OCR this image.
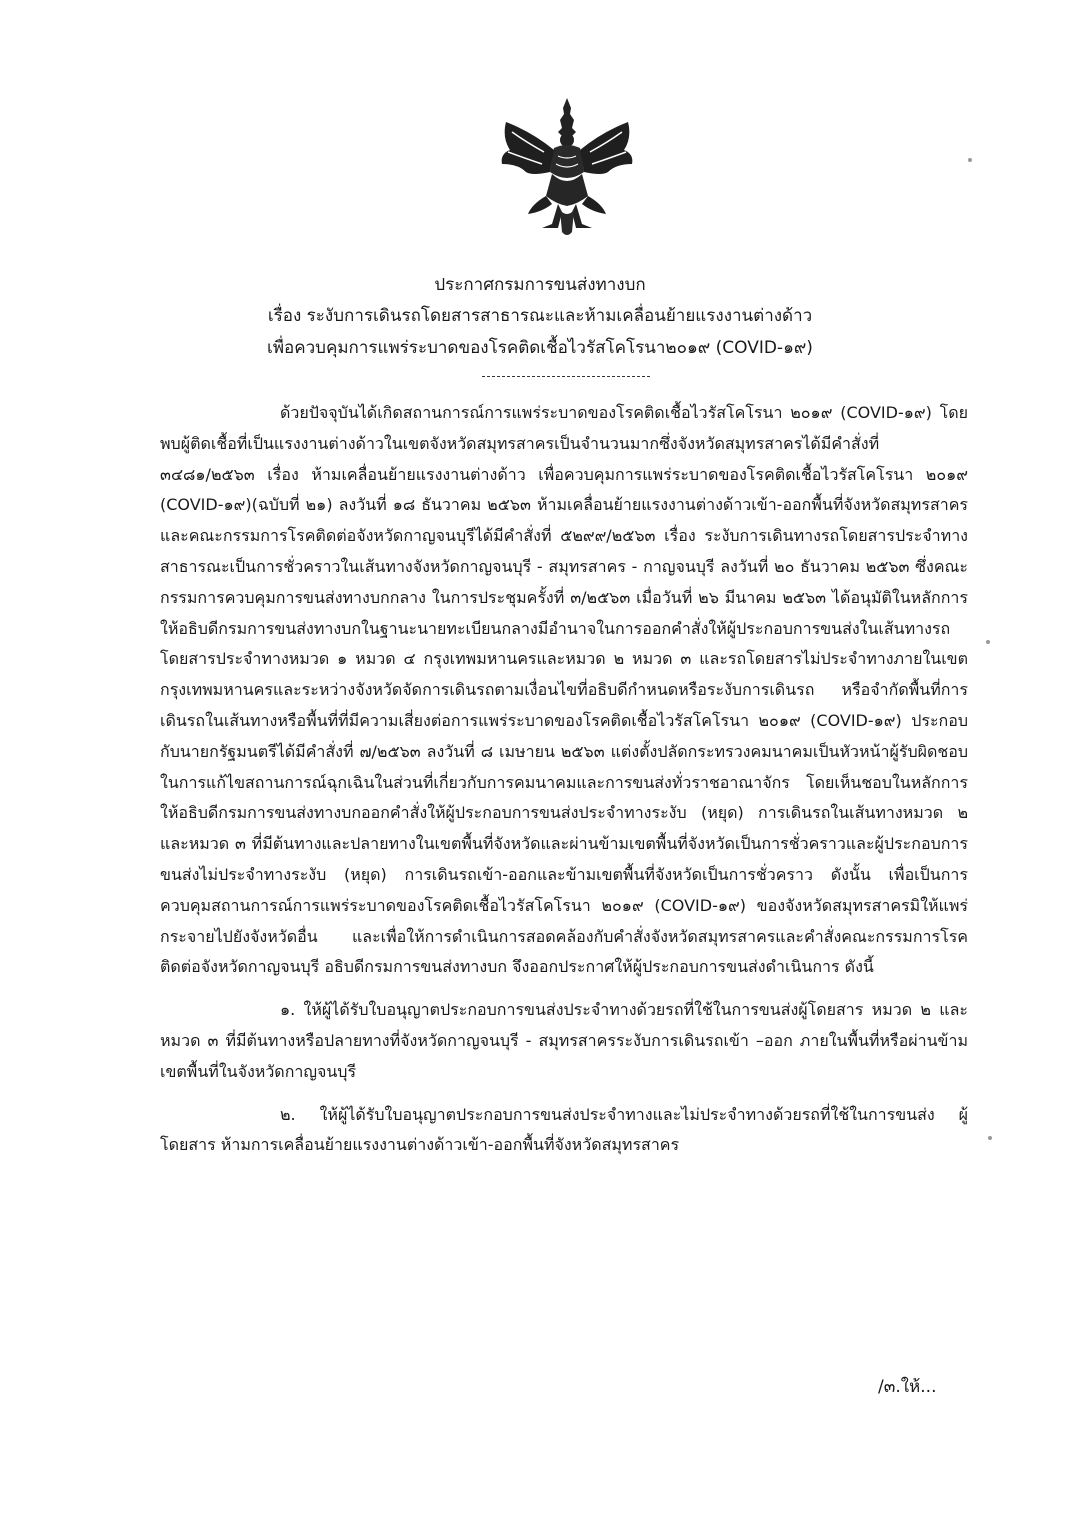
ประกาศกรมการขนส่งทางบก
เรื่อง ระงับการเดินรถโดยสารสาธารณะและห้ามเคลื่อนย้ายแรงงานต่างด้าว
เพื่อควบคุมการแพร่ระบาดของโรคติดเชื้อไวรัสโคโรนา๒๐๑๙ (COVID-๑๙)

ด้วยปัจจุบันได้เกิดสถานการณ์การแพร่ระบาดของโรคติดเชื้อไวรัสโคโรนา ๒๐๑๙ (COVID-๑๙) โดยพบผู้ติดเชื้อที่เป็นแรงงานต่างด้าวในเขตจังหวัดสมุทรสาครเป็นจำนวนมากซึ่งจังหวัดสมุทรสาครได้มีคำสั่งที่ ๓๔๘๑/๒๕๖๓ เรื่อง ห้ามเคลื่อนย้ายแรงงานต่างด้าว เพื่อควบคุมการแพร่ระบาดของโรคติดเชื้อไวรัสโคโรนา ๒๐๑๙ (COVID-๑๙)(ฉบับที่ ๒๑) ลงวันที่ ๑๘ ธันวาคม ๒๕๖๓ ห้ามเคลื่อนย้ายแรงงานต่างด้าวเข้า-ออกพื้นที่จังหวัดสมุทรสาคร และคณะกรรมการโรคติดต่อจังหวัดกาญจนบุรีได้มีคำสั่งที่ ๕๒๙๙/๒๕๖๓ เรื่อง ระงับการเดินทางรถโดยสารประจำทางสาธารณะเป็นการชั่วคราวในเส้นทางจังหวัดกาญจนบุรี - สมุทรสาคร - กาญจนบุรี ลงวันที่ ๒๐ ธันวาคม ๒๕๖๓ ซึ่งคณะกรรมการควบคุมการขนส่งทางบกกลาง ในการประชุมครั้งที่ ๓/๒๕๖๓ เมื่อวันที่ ๒๖ มีนาคม ๒๕๖๓ ได้อนุมัติในหลักการให้อธิบดีกรมการขนส่งทางบกในฐานะนายทะเบียนกลางมีอำนาจในการออกคำสั่งให้ผู้ประกอบการขนส่งในเส้นทางรถโดยสารประจำทางหมวด ๑ หมวด ๔ กรุงเทพมหานครและหมวด ๒ หมวด ๓ และรถโดยสารไม่ประจำทางภายในเขตกรุงเทพมหานครและระหว่างจังหวัดจัดการเดินรถตามเงื่อนไขที่อธิบดีกำหนดหรือระงับการเดินรถ หรือจำกัดพื้นที่การเดินรถในเส้นทางหรือพื้นที่ที่มีความเสี่ยงต่อการแพร่ระบาดของโรคติดเชื้อไวรัสโคโรนา ๒๐๑๙ (COVID-๑๙) ประกอบกับนายกรัฐมนตรีได้มีคำสั่งที่ ๗/๒๕๖๓ ลงวันที่ ๘ เมษายน ๒๕๖๓ แต่งตั้งปลัดกระทรวงคมนาคมเป็นหัวหน้าผู้รับผิดชอบในการแก้ไขสถานการณ์ฉุกเฉินในส่วนที่เกี่ยวกับการคมนาคมและการขนส่งทั่วราชอาณาจักร โดยเห็นชอบในหลักการให้อธิบดีกรมการขนส่งทางบกออกคำสั่งให้ผู้ประกอบการขนส่งประจำทางระงับ (หยุด) การเดินรถในเส้นทางหมวด ๒ และหมวด ๓ ที่มีต้นทางและปลายทางในเขตพื้นที่จังหวัดและผ่านข้ามเขตพื้นที่จังหวัดเป็นการชั่วคราวและผู้ประกอบการขนส่งไม่ประจำทางระงับ (หยุด) การเดินรถเข้า-ออกและข้ามเขตพื้นที่จังหวัดเป็นการชั่วคราว ดังนั้น เพื่อเป็นการควบคุมสถานการณ์การแพร่ระบาดของโรคติดเชื้อไวรัสโคโรนา ๒๐๑๙ (COVID-๑๙) ของจังหวัดสมุทรสาครมิให้แพร่กระจายไปยังจังหวัดอื่น และเพื่อให้การดำเนินการสอดคล้องกับคำสั่งจังหวัดสมุทรสาครและคำสั่งคณะกรรมการโรคติดต่อจังหวัดกาญจนบุรี อธิบดีกรมการขนส่งทางบก จึงออกประกาศให้ผู้ประกอบการขนส่งดำเนินการ ดังนี้

๑. ให้ผู้ได้รับใบอนุญาตประกอบการขนส่งประจำทางด้วยรถที่ใช้ในการขนส่งผู้โดยสาร หมวด ๒ และหมวด ๓ ที่มีต้นทางหรือปลายทางที่จังหวัดกาญจนบุรี - สมุทรสาครระงับการเดินรถเข้า –ออก ภายในพื้นที่หรือผ่านข้ามเขตพื้นที่ในจังหวัดกาญจนบุรี

๒. ให้ผู้ได้รับใบอนุญาตประกอบการขนส่งประจำทางและไม่ประจำทางด้วยรถที่ใช้ในการขนส่ง ผู้โดยสาร ห้ามการเคลื่อนย้ายแรงงานต่างด้าวเข้า-ออกพื้นที่จังหวัดสมุทรสาคร

/๓.ให้...
